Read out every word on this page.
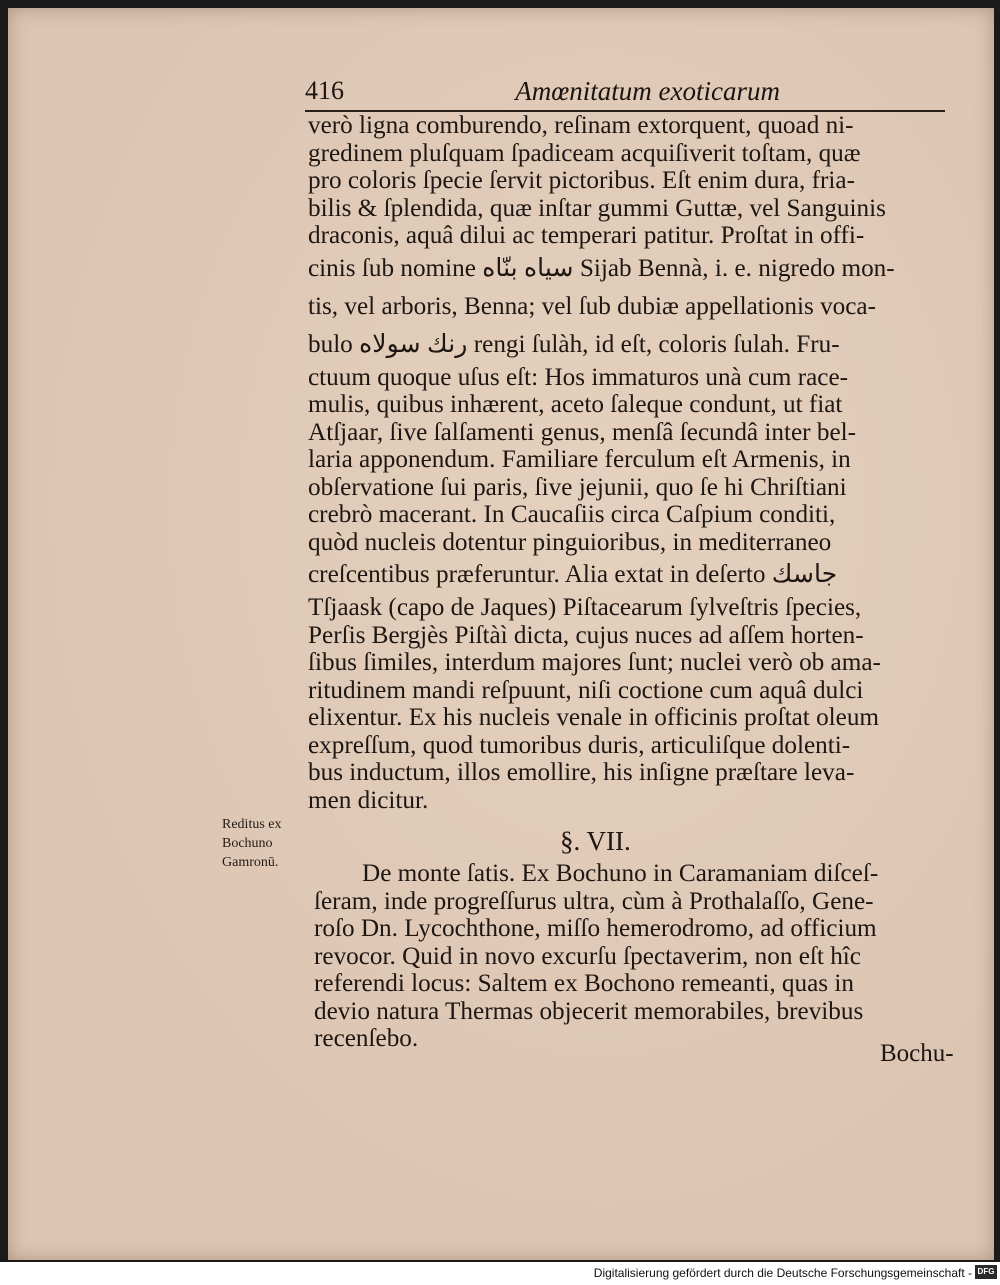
416	Amœnitatum exoticarum
verò ligna comburendo, reſinam extorquent, quoad ni-
gredinem pluſquam ſpadiceam acquiſiverit toſtam, quæ
pro coloris ſpecie ſervit pictoribus. Eſt enim dura, fria-
bilis & ſplendida, quæ inſtar gummi Guttæ, vel Sanguinis
draconis, aquâ dilui ac temperari patitur. Proſtat in offi-
cinis ſub nomine سياه بنّاه Sijab Bennà, i. e. nigredo mon-
tis, vel arboris, Benna; vel ſub dubiæ appellationis voca-
bulo رنك سولاه rengi ſulàh, id eſt, coloris ſulah. Fru-
ctuum quoque uſus eſt: Hos immaturos unà cum race-
mulis, quibus inhærent, aceto ſaleque condunt, ut fiat
Atſjaar, ſive ſalſamenti genus, menſâ ſecundâ inter bel-
laria apponendum. Familiare ferculum eſt Armenis, in
obſervatione ſui paris, ſive jejunii, quo ſe hi Chriſtiani
crebrò macerant. In Caucaſiis circa Caſpium conditi,
quòd nucleis dotentur pinguioribus, in mediterraneo
creſcentibus præferuntur. Alia extat in deſerto جاسك
Tſjaask (capo de Jaques) Piſtacearum ſylveſtris ſpecies,
Perſis Bergjès Piſtàì dicta, cujus nuces ad aſſem horten-
ſibus ſimiles, interdum majores ſunt; nuclei verò ob ama-
ritudinem mandi reſpuunt, niſi coctione cum aquâ dulci
elixentur. Ex his nucleis venale in officinis proſtat oleum
expreſſum, quod tumoribus duris, articuliſque dolenti-
bus inductum, illos emollire, his inſigne præſtare leva-
men dicitur.
Reditus ex
Bochuno
Gamronū.
§. VII.
De monte ſatis. Ex Bochuno in Caramaniam diſceſ-
ſeram, inde progreſſurus ultra, cùm à Prothalaſſo, Gene-
roſo Dn. Lycochthone, miſſo hemerodromo, ad officium
revocor. Quid in novo excurſu ſpectaverim, non eſt hîc
referendi locus: Saltem ex Bochono remeanti, quas in
devio natura Thermas objecerit memorabiles, brevibus
recenſebo.
Bochu-
Digitalisierung gefördert durch die Deutsche Forschungsgemeinschaft - DFG
